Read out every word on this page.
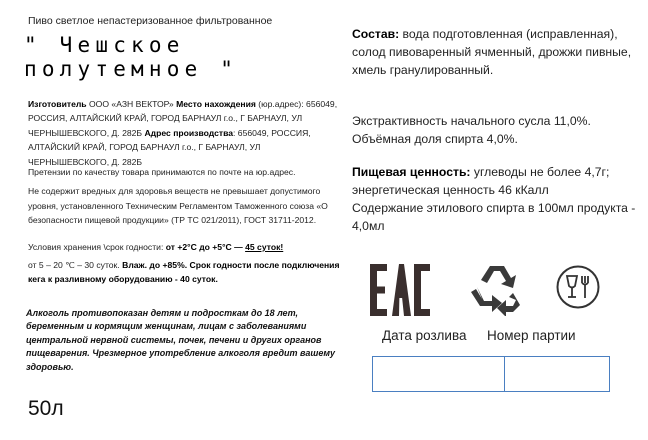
Пиво светлое непастеризованное фильтрованное
" Чешское
полутемное "
Изготовитель ООО «АЗН ВЕКТОР» Место нахождения (юр.адрес): 656049, РОССИЯ, АЛТАЙСКИЙ КРАЙ, ГОРОД БАРНАУЛ г.о., Г БАРНАУЛ, УЛ ЧЕРНЫШЕВСКОГО, Д. 282Б Адрес производства: 656049, РОССИЯ, АЛТАЙСКИЙ КРАЙ, ГОРОД БАРНАУЛ г.о., Г БАРНАУЛ, УЛ ЧЕРНЫШЕВСКОГО, Д. 282Б
Претензии по качеству товара принимаются по почте на юр.адрес.
Не содержит вредных для здоровья веществ не превышает допустимого уровня, установленного Техническим Регламентом Таможенного союза «О безопасности пищевой продукции» (ТР ТС 021/2011), ГОСТ 31711-2012.
Условия хранения \срок годности: от +2°C до +5°C — 45 суток!
от 5 – 20 ℃ – 30 суток. Влаж. до +85%. Срок годности после подключения кега к разливному оборудованию - 40 суток.
Алкоголь противопоказан детям и подросткам до 18 лет, беременным и кормящим женщинам, лицам с заболеваниями центральной нервной системы, почек, печени и других органов пищеварения. Чрезмерное употребление алкоголя вредит вашему здоровью.
50л
Состав: вода подготовленная (исправленная), солод пивоваренный ячменный, дрожжи пивные, хмель гранулированный.
Экстрактивность начального сусла 11,0%.
Объёмная доля спирта 4,0%.
Пищевая ценность: углеводы не более 4,7г; энергетическая ценность 46 кКалл
Содержание этилового спирта в 100мл продукта - 4,0мл
Дата розлива Номер партии
